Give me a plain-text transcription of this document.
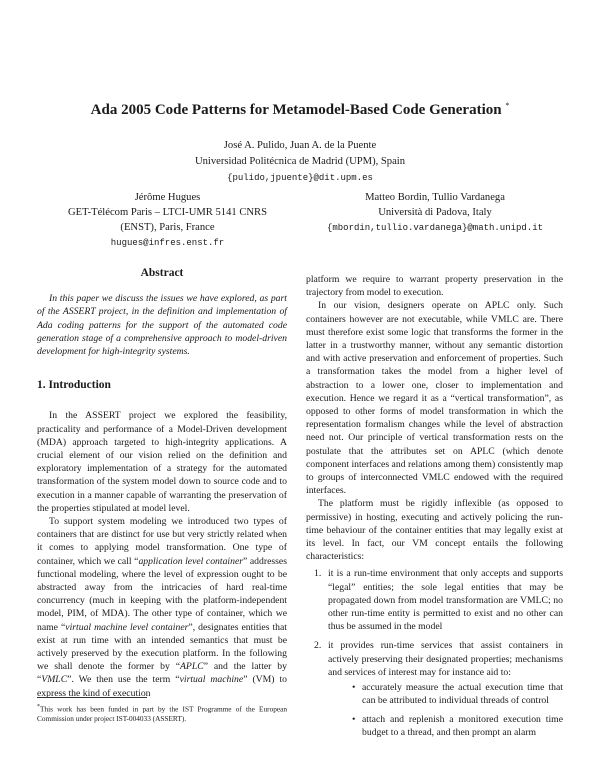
Ada 2005 Code Patterns for Metamodel-Based Code Generation *
José A. Pulido, Juan A. de la Puente
Universidad Politécnica de Madrid (UPM), Spain
{pulido,jpuente}@dit.upm.es
Jérôme Hugues
GET-Télécom Paris – LTCI-UMR 5141 CNRS
(ENST), Paris, France
hugues@infres.enst.fr
Matteo Bordin, Tullio Vardanega
Università di Padova, Italy
{mbordin,tullio.vardanega}@math.unipd.it
Abstract

In this paper we discuss the issues we have explored, as part of the ASSERT project, in the definition and implementation of Ada coding patterns for the support of the automated code generation stage of a comprehensive approach to model-driven development for high-integrity systems.

1. Introduction

In the ASSERT project we explored the feasibility, practicality and performance of a Model-Driven development (MDA) approach targeted to high-integrity applications. A crucial element of our vision relied on the definition and exploratory implementation of a strategy for the automated transformation of the system model down to source code and to execution in a manner capable of warranting the preservation of the properties stipulated at model level.

To support system modeling we introduced two types of containers that are distinct for use but very strictly related when it comes to applying model transformation. One type of container, which we call “application level container” addresses functional modeling, where the level of expression ought to be abstracted away from the intricacies of hard real-time concurrency (much in keeping with the platform-independent model, PIM, of MDA). The other type of container, which we name “virtual machine level container”, designates entities that exist at run time with an intended semantics that must be actively preserved by the execution platform. In the following we shall denote the former by “APLC” and the latter by “VMLC”. We then use the term “virtual machine” (VM) to express the kind of execution

*This work has been funded in part by the IST Programme of the European Commission under project IST-004033 (ASSERT).

platform we require to warrant property preservation in the trajectory from model to execution.

In our vision, designers operate on APLC only. Such containers however are not executable, while VMLC are. There must therefore exist some logic that transforms the former in the latter in a trustworthy manner, without any semantic distortion and with active preservation and enforcement of properties. Such a transformation takes the model from a higher level of abstraction to a lower one, closer to implementation and execution. Hence we regard it as a “vertical transformation”, as opposed to other forms of model transformation in which the representation formalism changes while the level of abstraction need not. Our principle of vertical transformation rests on the postulate that the attributes set on APLC (which denote component interfaces and relations among them) consistently map to groups of interconnected VMLC endowed with the required interfaces.

The platform must be rigidly inflexible (as opposed to permissive) in hosting, executing and actively policing the run-time behaviour of the container entities that may legally exist at its level. In fact, our VM concept entails the following characteristics:

1. it is a run-time environment that only accepts and supports “legal” entities; the sole legal entities that may be propagated down from model transformation are VMLC; no other run-time entity is permitted to exist and no other can thus be assumed in the model
2. it provides run-time services that assist containers in actively preserving their designated properties; mechanisms and services of interest may for instance aid to:
• accurately measure the actual execution time that can be attributed to individual threads of control
• attach and replenish a monitored execution time budget to a thread, and then prompt an alarm
